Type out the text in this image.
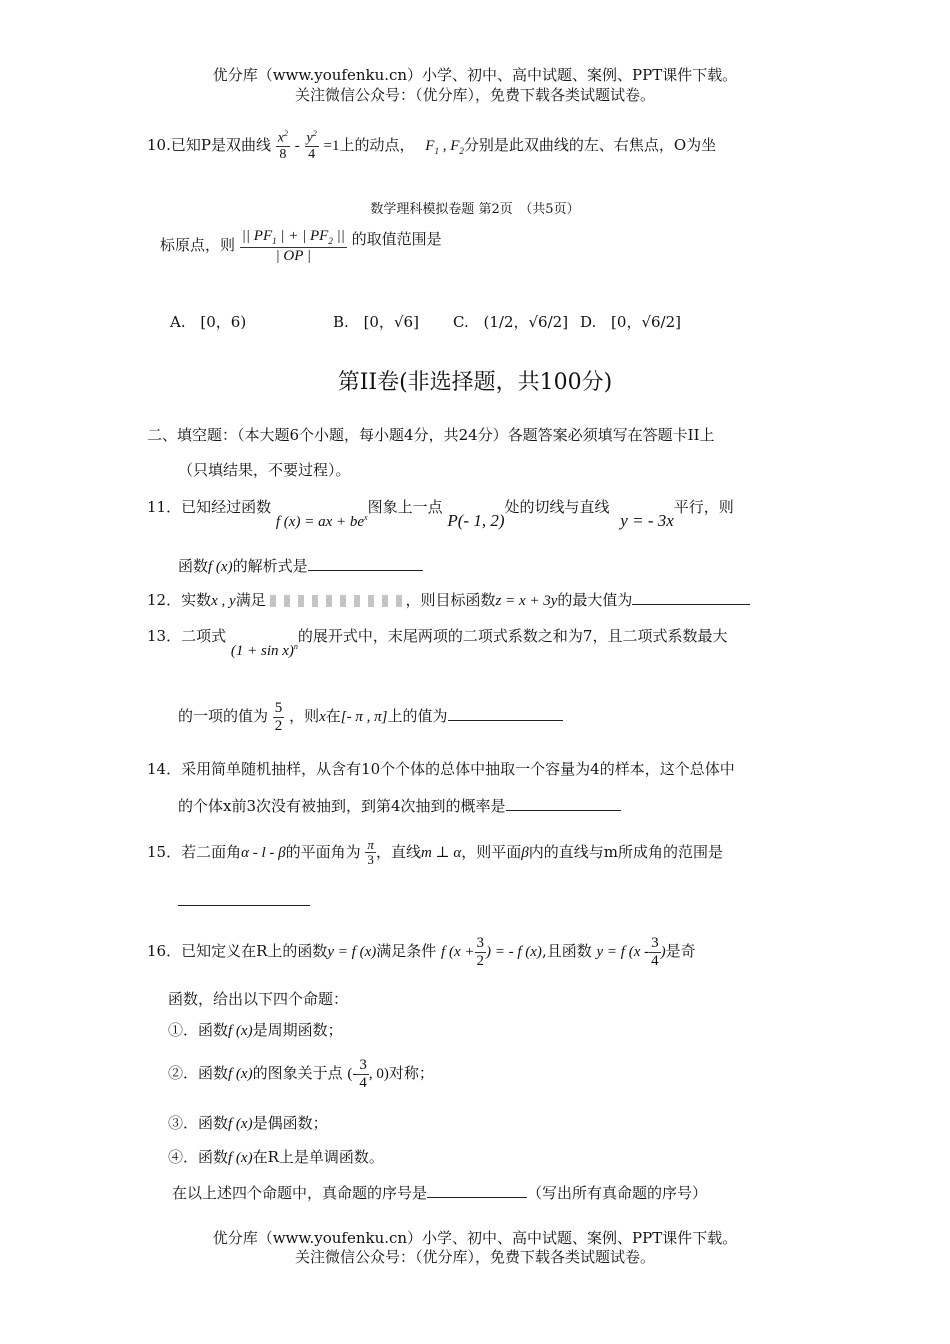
优分库（www.youfenku.cn）小学、初中、高中试题、案例、PPT课件下载。
关注微信公众号：（优分库），免费下载各类试题试卷。
10.已知P是双曲线 $\frac{x^2}{8} - \frac{y^2}{4} =1$上的动点， $F_1$ , $F_2$分别是此双曲线的左、右焦点，O为坐
数学理科模拟卷题 第2页　（共5页）
标原点，则 $\frac{|| PF_1 | + | PF_2 ||}{| OP |}$ 的取值范围是
A. [0，6)	B. [0，√6] C. (1/2，√6/2] D. [0，√6/2]
第II卷(非选择题，共100分)
二、填空题：（本大题6个小题，每小题4分，共24分）各题答案必须填写在答题卡II上
（只填结果，不要过程）。
11．已知经过函数 f (x) = ax + $be^x$图象上一点 P(- 1, 2)处的切线与直线 y = - 3x平行，则
函数f (x)的解析式是
12．实数x , y满足	，则目标函数z = x + 3y的最大值为
13．二项式 $(1 + \sin x)^n$的展开式中，末尾两项的二项式系数之和为7，且二项式系数最大
的一项的值为 $\frac{5}{2}$ ，则x在[- π , π]上的值为
14．采用简单随机抽样，从含有10个个体的总体中抽取一个容量为4的样本，这个总体中
的个体x前3次没有被抽到，到第4次抽到的概率是
15．若二面角α - l - β的平面角为 $\frac{\pi}{3}$ ，直线m ⊥ α，则平面β内的直线与m所成角的范围是
16．已知定义在R上的函数y = f (x)满足条件 f ($x + \frac{3}{2}$ ) = - f (x),且函数 y = f ($x - \frac{3}{4}$ )是奇
函数，给出以下四个命题：
①．函数f (x)是周期函数；
②．函数f (x)的图象关于点 (- $\frac{3}{4}$ , 0)对称；
③．函数f (x)是偶函数；
④．函数f (x)在R上是单调函数。
在以上述四个命题中，真命题的序号是	（写出所有真命题的序号）
优分库（www.youfenku.cn）小学、初中、高中试题、案例、PPT课件下载。
关注微信公众号：（优分库），免费下载各类试题试卷。
